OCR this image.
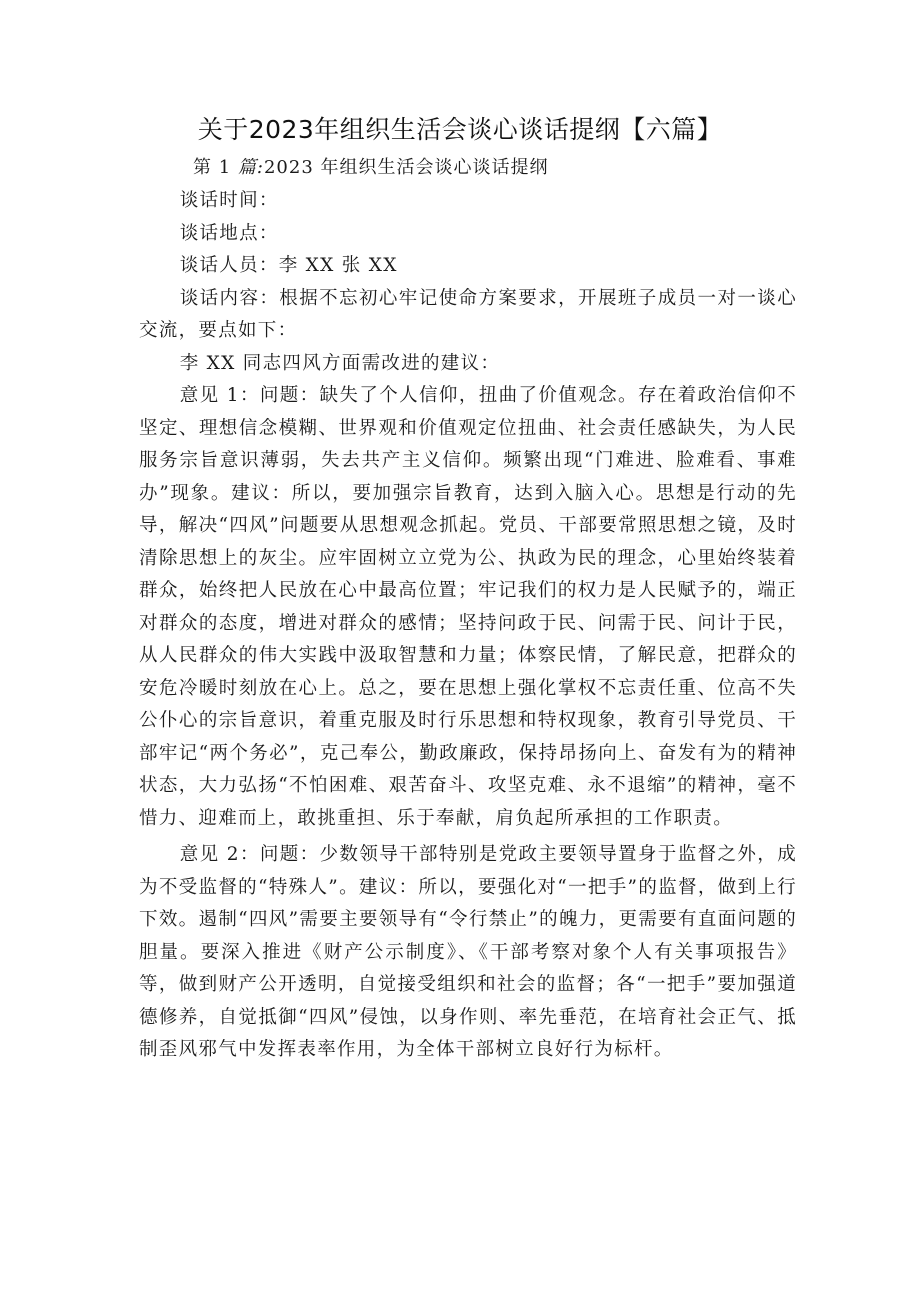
关于2023年组织生活会谈心谈话提纲【六篇】
第 1 篇:2023 年组织生活会谈心谈话提纲

谈话时间：

谈话地点：

谈话人员：李 XX 张 XX

谈话内容：根据不忘初心牢记使命方案要求，开展班子成员一对一谈心交流，要点如下：

李 XX 同志四风方面需改进的建议：

意见 1：问题：缺失了个人信仰，扭曲了价值观念。存在着政治信仰不坚定、理想信念模糊、世界观和价值观定位扭曲、社会责任感缺失，为人民服务宗旨意识薄弱，失去共产主义信仰。频繁出现“门难进、脸难看、事难办”现象。建议：所以，要加强宗旨教育，达到入脑入心。思想是行动的先导，解决“四风”问题要从思想观念抓起。党员、干部要常照思想之镜，及时清除思想上的灰尘。应牢固树立立党为公、执政为民的理念，心里始终装着群众，始终把人民放在心中最高位置；牢记我们的权力是人民赋予的，端正对群众的态度，增进对群众的感情；坚持问政于民、问需于民、问计于民，从人民群众的伟大实践中汲取智慧和力量；体察民情，了解民意，把群众的安危冷暖时刻放在心上。总之，要在思想上强化掌权不忘责任重、位高不失公仆心的宗旨意识，着重克服及时行乐思想和特权现象，教育引导党员、干部牢记“两个务必”，克己奉公，勤政廉政，保持昂扬向上、奋发有为的精神状态，大力弘扬“不怕困难、艰苦奋斗、攻坚克难、永不退缩”的精神，毫不惜力、迎难而上，敢挑重担、乐于奉献，肩负起所承担的工作职责。

意见 2：问题：少数领导干部特别是党政主要领导置身于监督之外，成为不受监督的“特殊人”。建议：所以，要强化对“一把手”的监督，做到上行下效。遏制“四风”需要主要领导有“令行禁止”的魄力，更需要有直面问题的胆量。要深入推进《财产公示制度》、《干部考察对象个人有关事项报告》等，做到财产公开透明，自觉接受组织和社会的监督；各“一把手”要加强道德修养，自觉抵御“四风”侵蚀，以身作则、率先垂范，在培育社会正气、抵制歪风邪气中发挥表率作用，为全体干部树立良好行为标杆。
